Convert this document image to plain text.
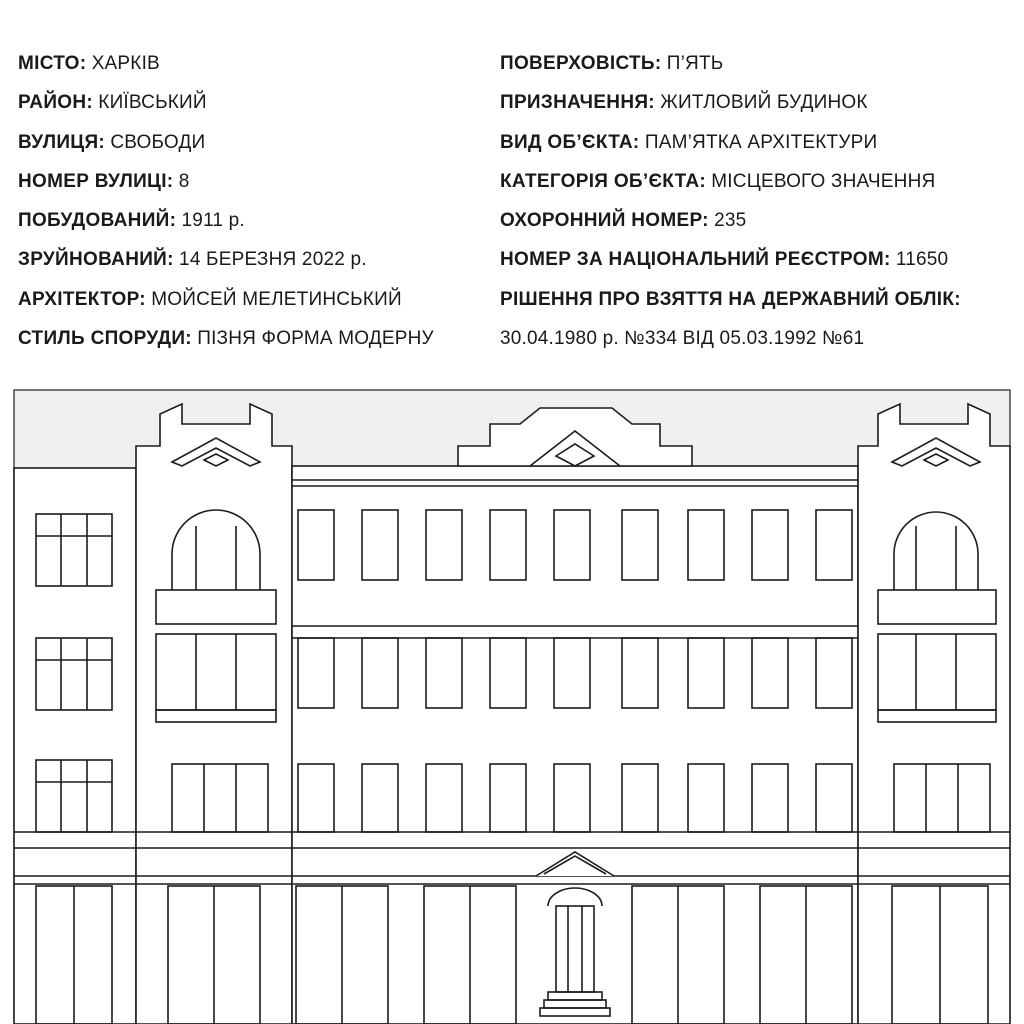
МІСТО: ХАРКІВ
РАЙОН: КИЇВСЬКИЙ
ВУЛИЦЯ: СВОБОДИ
НОМЕР ВУЛИЦІ: 8
ПОБУДОВАНИЙ: 1911 р.
ЗРУЙНОВАНИЙ: 14 БЕРЕЗНЯ 2022 р.
АРХІТЕКТОР: МОЙСЕЙ МЕЛЕТИНСЬКИЙ
СТИЛЬ СПОРУДИ: ПІЗНЯ ФОРМА МОДЕРНУ
ПОВЕРХОВІСТЬ: П’ЯТЬ
ПРИЗНАЧЕННЯ: ЖИТЛОВИЙ БУДИНОК
ВИД ОБ’ЄКТА: ПАМ’ЯТКА АРХІТЕКТУРИ
КАТЕГОРІЯ ОБ’ЄКТА: МІСЦЕВОГО ЗНАЧЕННЯ
ОХОРОННИЙ НОМЕР: 235
НОМЕР ЗА НАЦІОНАЛЬНИЙ РЕЄСТРОМ: 11650
РІШЕННЯ ПРО ВЗЯТТЯ НА ДЕРЖАВНИЙ ОБЛІК:
30.04.1980 р. №334 ВІД 05.03.1992 №61
